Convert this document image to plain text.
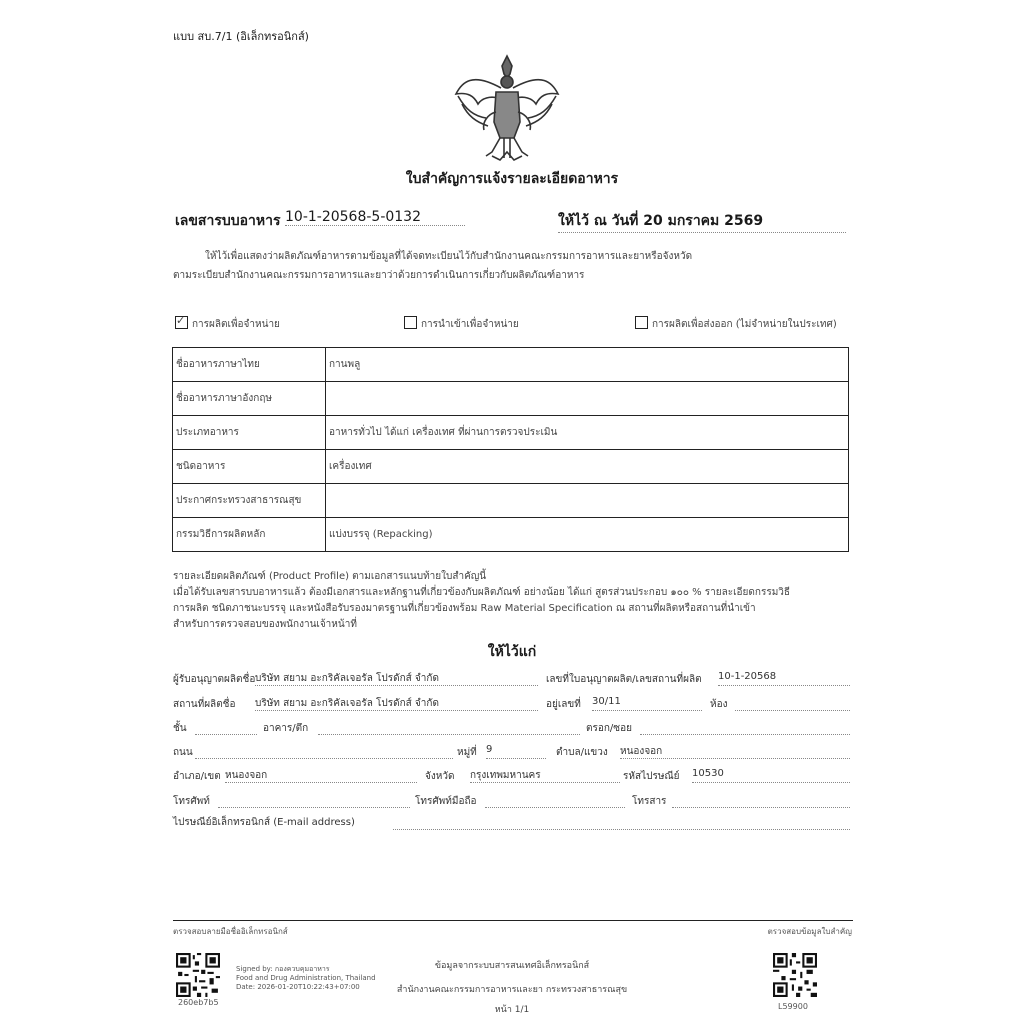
แบบ สบ.7/1 (อิเล็กทรอนิกส์)
ใบสำคัญการแจ้งรายละเอียดอาหาร
เลขสารบบอาหาร 10-1-20568-5-0132	ให้ไว้ ณ วันที่ 20 มกราคม 2569

ให้ไว้เพื่อแสดงว่าผลิตภัณฑ์อาหารตามข้อมูลที่ได้จดทะเบียนไว้กับสำนักงานคณะกรรมการอาหารและยาหรือจังหวัด

ตามระเบียบสำนักงานคณะกรรมการอาหารและยาว่าด้วยการดำเนินการเกี่ยวกับผลิตภัณฑ์อาหาร

✓การผลิตเพื่อจำหน่าย	การนำเข้าเพื่อจำหน่าย	การผลิตเพื่อส่งออก (ไม่จำหน่ายในประเทศ)
ชื่ออาหารภาษาไทย	กานพลู
ชื่ออาหารภาษาอังกฤษ	
ประเภทอาหาร	อาหารทั่วไป ได้แก่ เครื่องเทศ ที่ผ่านการตรวจประเมิน
ชนิดอาหาร	เครื่องเทศ
ประกาศกระทรวงสาธารณสุข	
กรรมวิธีการผลิตหลัก	แบ่งบรรจุ (Repacking)

รายละเอียดผลิตภัณฑ์ (Product Profile) ตามเอกสารแนบท้ายใบสำคัญนี้

เมื่อได้รับเลขสารบบอาหารแล้ว ต้องมีเอกสารและหลักฐานที่เกี่ยวข้องกับผลิตภัณฑ์ อย่างน้อย ได้แก่ สูตรส่วนประกอบ ๑๐๐ % รายละเอียดกรรมวิธี

การผลิต ชนิดภาชนะบรรจุ และหนังสือรับรองมาตรฐานที่เกี่ยวข้องพร้อม Raw Material Specification ณ สถานที่ผลิตหรือสถานที่นำเข้า

สำหรับการตรวจสอบของพนักงานเจ้าหน้าที่

ให้ไว้แก่
ผู้รับอนุญาตผลิตชื่อ บริษัท สยาม อะกริคัลเจอรัล โปรดักส์ จำกัด	เลขที่ใบอนุญาตผลิต/เลขสถานที่ผลิต 10-1-20568
สถานที่ผลิตชื่อ บริษัท สยาม อะกริคัลเจอรัล โปรดักส์ จำกัด	อยู่เลขที่ 30/11	ห้อง
ชั้น	อาคาร/ตึก	ตรอก/ซอย
ถนน	หมู่ที่ 9	ตำบล/แขวง หนองจอก
อำเภอ/เขต หนองจอก	จังหวัด กรุงเทพมหานคร	รหัสไปรษณีย์ 10530
โทรศัพท์	โทรศัพท์มือถือ	โทรสาร
ไปรษณีย์อิเล็กทรอนิกส์ (E-mail address)
ตรวจสอบลายมือชื่ออิเล็กทรอนิกส์	ตรวจสอบข้อมูลใบสำคัญ
260eb7b5

Signed by: กองควบคุมอาหาร

Food and Drug Administration, Thailand

Date: 2026-01-20T10:22:43+07:00

ข้อมูลจากระบบสารสนเทศอิเล็กทรอนิกส์
สำนักงานคณะกรรมการอาหารและยา กระทรวงสาธารณสุข
หน้า 1/1	L59900
